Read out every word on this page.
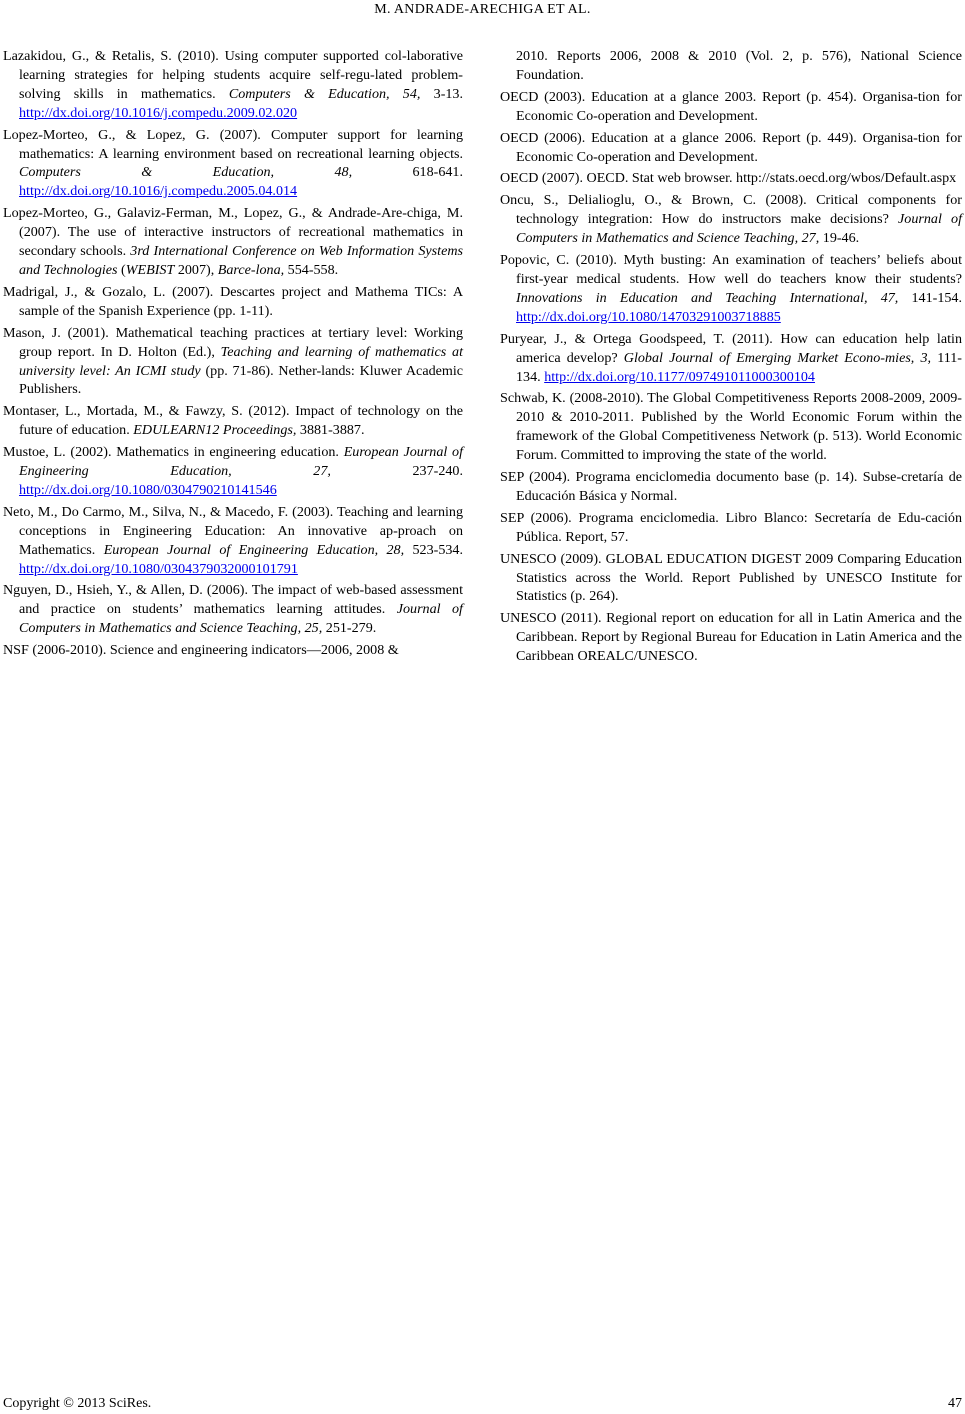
M. ANDRADE-ARECHIGA ET AL.

Lazakidou, G., & Retalis, S. (2010). Using computer supported col-laborative learning strategies for helping students acquire self-regu-lated problem-solving skills in mathematics. Computers & Education, 54, 3-13. http://dx.doi.org/10.1016/j.compedu.2009.02.020

Lopez-Morteo, G., & Lopez, G. (2007). Computer support for learning mathematics: A learning environment based on recreational learning objects. Computers & Education, 48, 618-641. http://dx.doi.org/10.1016/j.compedu.2005.04.014

Lopez-Morteo, G., Galaviz-Ferman, M., Lopez, G., & Andrade-Are-chiga, M. (2007). The use of interactive instructors of recreational mathematics in secondary schools. 3rd International Conference on Web Information Systems and Technologies (WEBIST 2007), Barce-lona, 554-558.

Madrigal, J., & Gozalo, L. (2007). Descartes project and Mathema TICs: A sample of the Spanish Experience (pp. 1-11).

Mason, J. (2001). Mathematical teaching practices at tertiary level: Working group report. In D. Holton (Ed.), Teaching and learning of mathematics at university level: An ICMI study (pp. 71-86). Nether-lands: Kluwer Academic Publishers.

Montaser, L., Mortada, M., & Fawzy, S. (2012). Impact of technology on the future of education. EDULEARN12 Proceedings, 3881-3887.

Mustoe, L. (2002). Mathematics in engineering education. European Journal of Engineering Education, 27, 237-240. http://dx.doi.org/10.1080/0304790210141546

Neto, M., Do Carmo, M., Silva, N., & Macedo, F. (2003). Teaching and learning conceptions in Engineering Education: An innovative ap-proach on Mathematics. European Journal of Engineering Education, 28, 523-534. http://dx.doi.org/10.1080/0304379032000101791

Nguyen, D., Hsieh, Y., & Allen, D. (2006). The impact of web-based assessment and practice on students’ mathematics learning attitudes. Journal of Computers in Mathematics and Science Teaching, 25, 251-279.

NSF (2006-2010). Science and engineering indicators—2006, 2008 &

2010. Reports 2006, 2008 & 2010 (Vol. 2, p. 576), National Science Foundation.

OECD (2003). Education at a glance 2003. Report (p. 454). Organisa-tion for Economic Co-operation and Development.

OECD (2006). Education at a glance 2006. Report (p. 449). Organisa-tion for Economic Co-operation and Development.

OECD (2007). OECD. Stat web browser. http://stats.oecd.org/wbos/Default.aspx

Oncu, S., Delialioglu, O., & Brown, C. (2008). Critical components for technology integration: How do instructors make decisions? Journal of Computers in Mathematics and Science Teaching, 27, 19-46.

Popovic, C. (2010). Myth busting: An examination of teachers’ beliefs about first-year medical students. How well do teachers know their students? Innovations in Education and Teaching International, 47, 141-154. http://dx.doi.org/10.1080/14703291003718885

Puryear, J., & Ortega Goodspeed, T. (2011). How can education help latin america develop? Global Journal of Emerging Market Econo-mies, 3, 111-134. http://dx.doi.org/10.1177/097491011000300104

Schwab, K. (2008-2010). The Global Competitiveness Reports 2008-2009, 2009-2010 & 2010-2011. Published by the World Economic Forum within the framework of the Global Competitiveness Network (p. 513). World Economic Forum. Committed to improving the state of the world.

SEP (2004). Programa enciclomedia documento base (p. 14). Subse-cretaría de Educación Básica y Normal.

SEP (2006). Programa enciclomedia. Libro Blanco: Secretaría de Edu-cación Pública. Report, 57.

UNESCO (2009). GLOBAL EDUCATION DIGEST 2009 Comparing Education Statistics across the World. Report Published by UNESCO Institute for Statistics (p. 264).

UNESCO (2011). Regional report on education for all in Latin America and the Caribbean. Report by Regional Bureau for Education in Latin America and the Caribbean OREALC/UNESCO.

Copyright © 2013 SciRes.	47
